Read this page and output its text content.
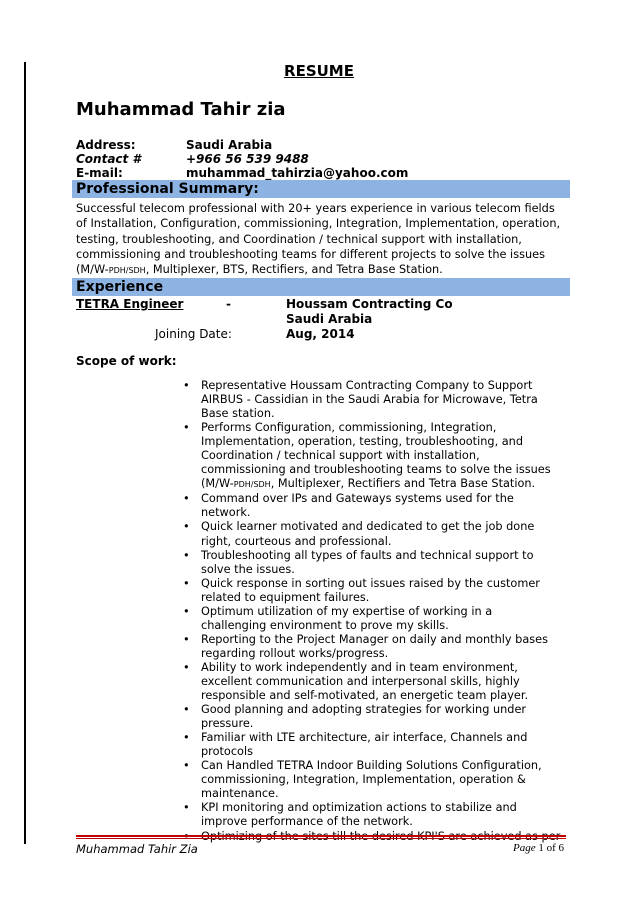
RESUME
Muhammad Tahir zia
Address:	Saudi Arabia
Contact #	+966 56 539 9488
E-mail:	muhammad_tahirzia@yahoo.com
Professional Summary:
Successful telecom professional with 20+ years experience in various telecom fields of Installation, Configuration, commissioning, Integration, Implementation, operation, testing, troubleshooting, and Coordination / technical support with installation, commissioning and troubleshooting teams for different projects to solve the issues (M/W-PDH/SDH, Multiplexer, BTS, Rectifiers, and Tetra Base Station.
Experience
TETRA Engineer	-	Houssam Contracting Co
Saudi Arabia
Joining Date:	Aug, 2014
Scope of work:
• Representative Houssam Contracting Company to Support AIRBUS - Cassidian in the Saudi Arabia for Microwave, Tetra Base station.
• Performs Configuration, commissioning, Integration, Implementation, operation, testing, troubleshooting, and Coordination / technical support with installation, commissioning and troubleshooting teams to solve the issues (M/W-PDH/SDH, Multiplexer, Rectifiers and Tetra Base Station.
• Command over IPs and Gateways systems used for the network.
• Quick learner motivated and dedicated to get the job done right, courteous and professional.
• Troubleshooting all types of faults and technical support to solve the issues.
• Quick response in sorting out issues raised by the customer related to equipment failures.
• Optimum utilization of my expertise of working in a challenging environment to prove my skills.
• Reporting to the Project Manager on daily and monthly bases regarding rollout works/progress.
• Ability to work independently and in team environment, excellent communication and interpersonal skills, highly responsible and self-motivated, an energetic team player.
• Good planning and adopting strategies for working under pressure.
• Familiar with LTE architecture, air interface, Channels and protocols
• Can Handled TETRA Indoor Building Solutions Configuration, commissioning, Integration, Implementation, operation & maintenance.
• KPI monitoring and optimization actions to stabilize and improve performance of the network.
•
Muhammad Tahir Zia	Page 1 of 6
